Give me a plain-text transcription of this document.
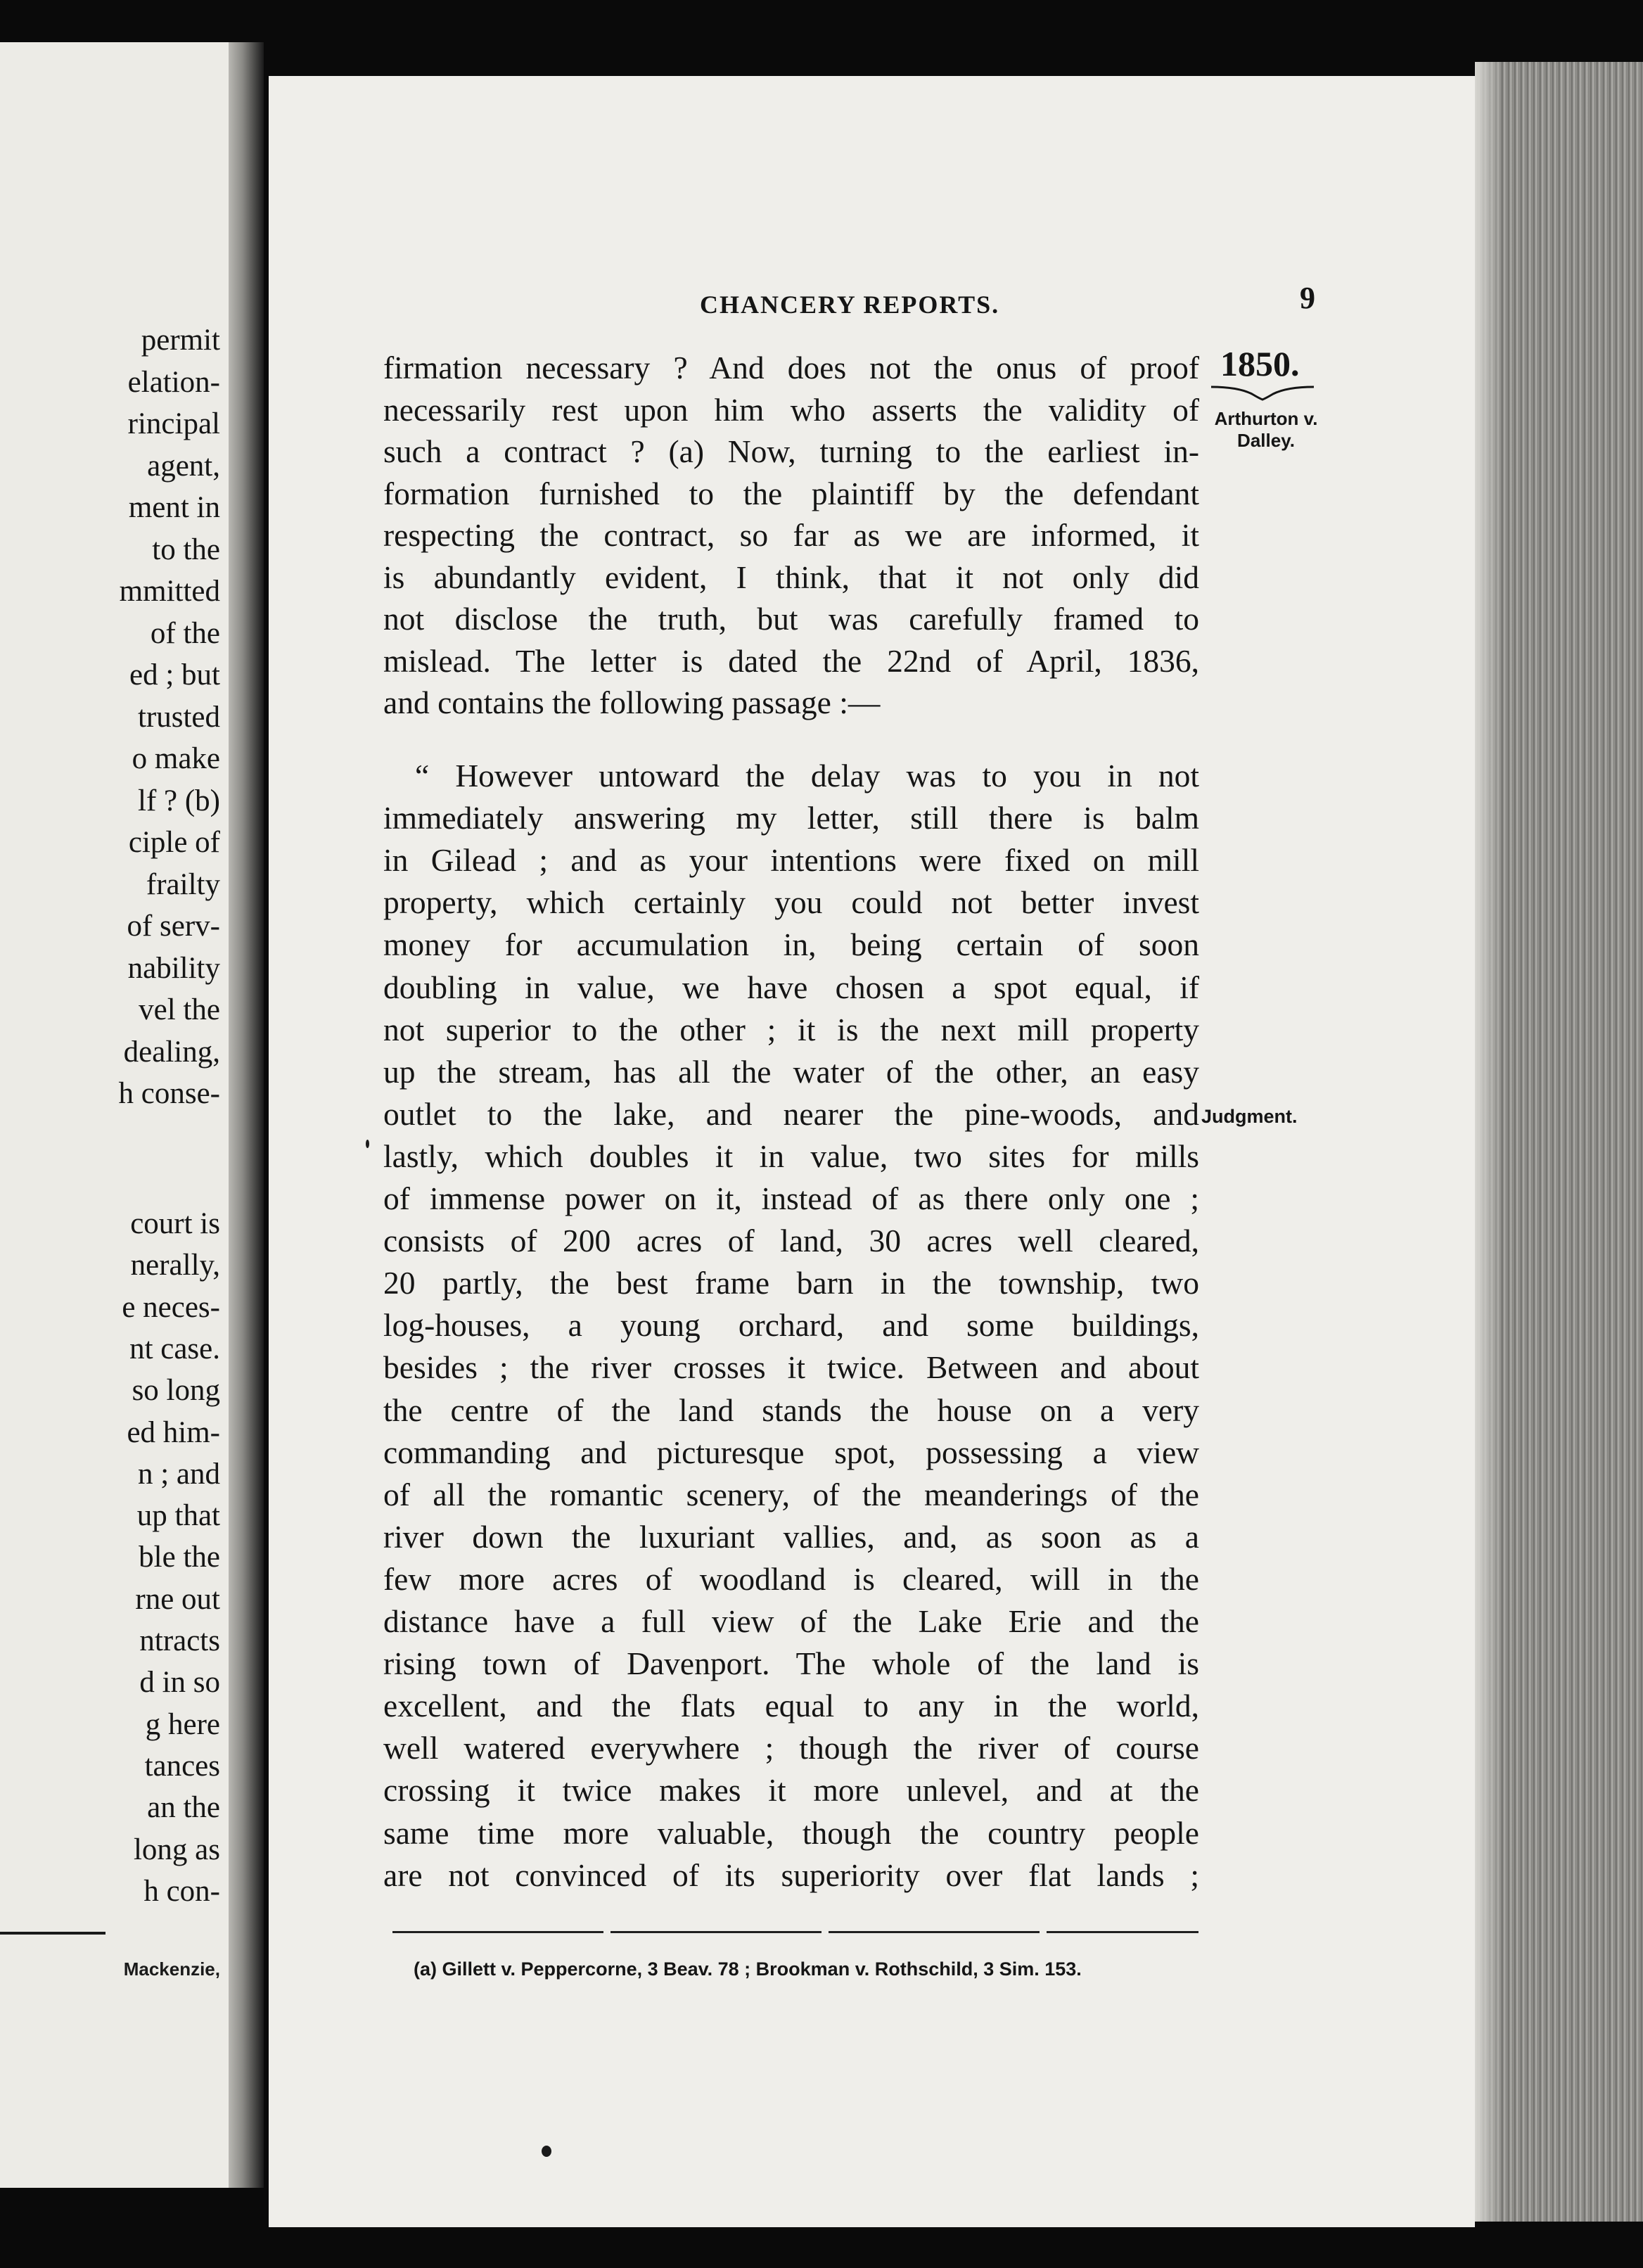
permit
elation-
rincipal
agent,
ment in
to the
mmitted
of the
ed ; but
trusted
o make
lf ? (b)
ciple of
frailty
of serv-
nability
vel the
dealing,
h conse-
court is
nerally,
e neces-
nt case.
so long
ed him-
n ; and
up that
ble the
rne out
ntracts
d in so
g here
tances
an the
long as
h con-
Mackenzie,
CHANCERY REPORTS.	9
1850.
Arthurton v.
Dalley.
Judgment.
firmation necessary ? And does not the onus of proof
necessarily rest upon him who asserts the validity of
such a contract ? (a) Now, turning to the earliest in-
formation furnished to the plaintiff by the defendant
respecting the contract, so far as we are informed, it
is abundantly evident, I think, that it not only did
not disclose the truth, but was carefully framed to
mislead. The letter is dated the 22nd of April, 1836,
and contains the following passage :—
“ However untoward the delay was to you in not
immediately answering my letter, still there is balm
in Gilead ; and as your intentions were fixed on mill
property, which certainly you could not better invest
money for accumulation in, being certain of soon
doubling in value, we have chosen a spot equal, if
not superior to the other ; it is the next mill property
up the stream, has all the water of the other, an easy
outlet to the lake, and nearer the pine-woods, and
lastly, which doubles it in value, two sites for mills
of immense power on it, instead of as there only one ;
consists of 200 acres of land, 30 acres well cleared,
20 partly, the best frame barn in the township, two
log-houses, a young orchard, and some buildings,
besides ; the river crosses it twice. Between and about
the centre of the land stands the house on a very
commanding and picturesque spot, possessing a view
of all the romantic scenery, of the meanderings of the
river down the luxuriant vallies, and, as soon as a
few more acres of woodland is cleared, will in the
distance have a full view of the Lake Erie and the
rising town of Davenport. The whole of the land is
excellent, and the flats equal to any in the world,
well watered everywhere ; though the river of course
crossing it twice makes it more unlevel, and at the
same time more valuable, though the country people
are not convinced of its superiority over flat lands ;
(a) Gillett v. Peppercorne, 3 Beav. 78 ; Brookman v. Rothschild, 3 Sim. 153.
